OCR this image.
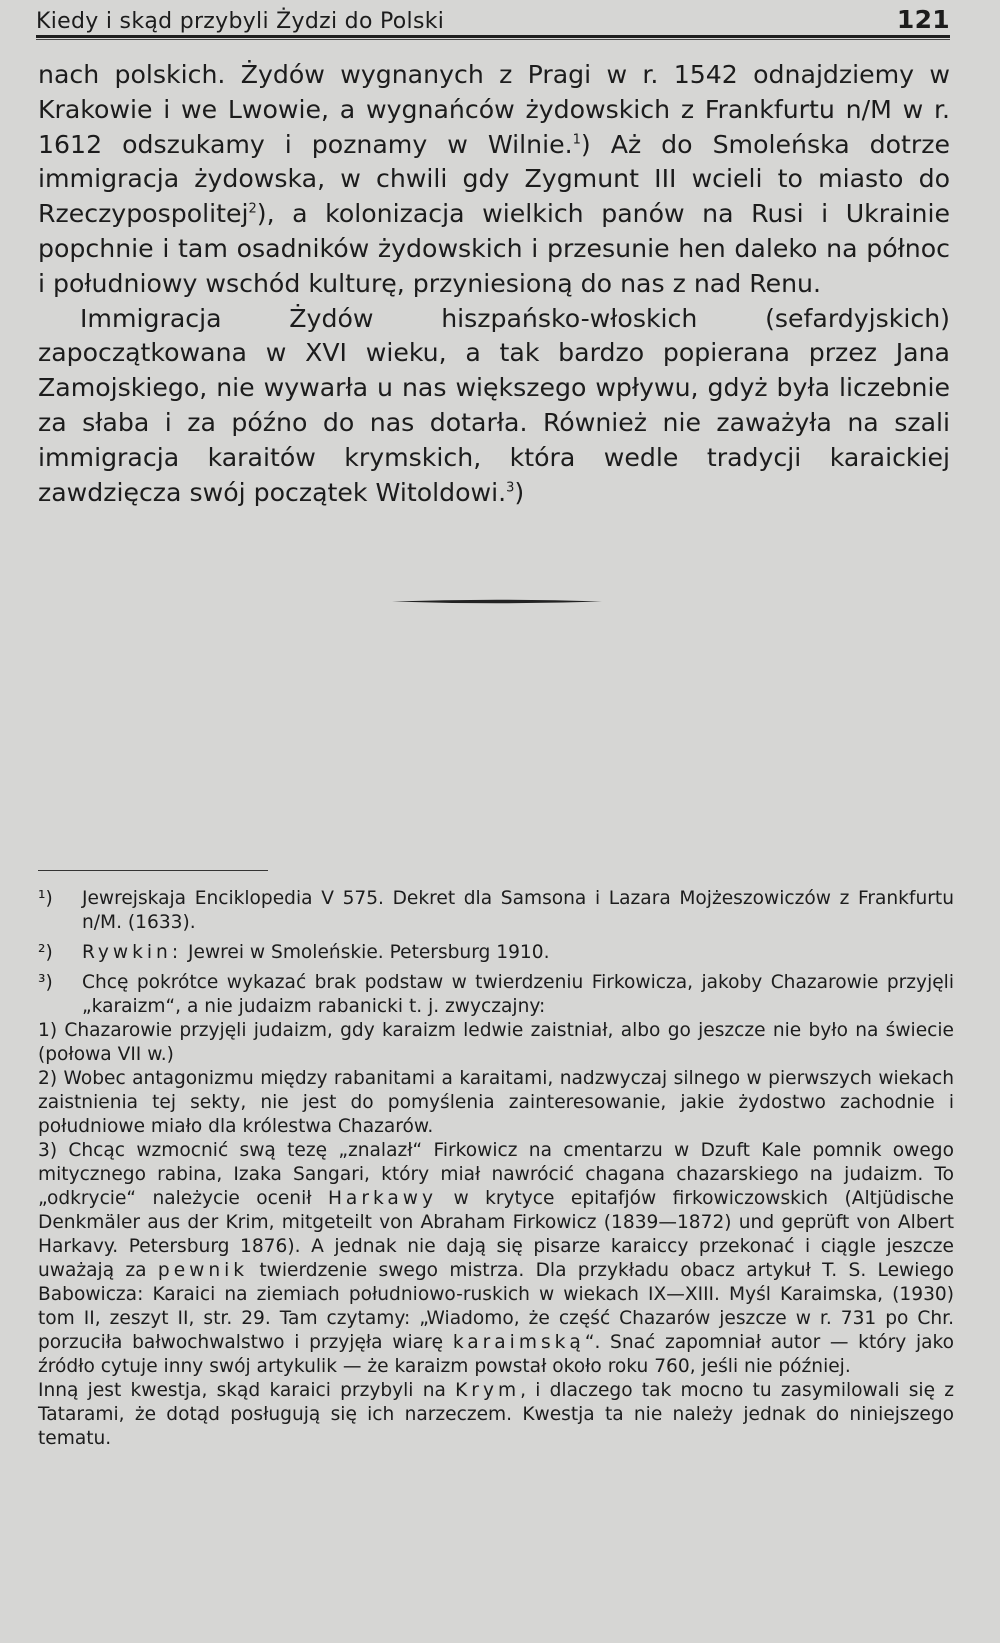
Kiedy i skąd przybyli Żydzi do Polski	121

nach polskich. Żydów wygnanych z Pragi w r. 1542 odnajdziemy w Krakowie i we Lwowie, a wygnańców żydowskich z Frankfurtu n/M w r. 1612 odszukamy i poznamy w Wilnie.$^1$) Aż do Smoleńska dotrze immigracja żydowska, w chwili gdy Zygmunt III wcieli to miasto do Rzeczypospolitej$^2$), a kolonizacja wielkich panów na Rusi i Ukrainie popchnie i tam osadników żydowskich i przesunie hen daleko na północ i południowy wschód kulturę, przyniesioną do nas z nad Renu.

Immigracja Żydów hiszpańsko-włoskich (sefardyjskich) zapoczątkowana w XVI wieku, a tak bardzo popierana przez Jana Zamojskiego, nie wywarła u nas większego wpływu, gdyż była liczebnie za słaba i za późno do nas dotarła. Również nie zaważyła na szali immigracja karaitów krymskich, która wedle tradycji karaickiej zawdzięcza swój początek Witoldowi.$^3$)

¹)	Jewrejskaja Enciklopedia V 575. Dekret dla Samsona i Lazara Mojżeszowiczów z Frankfurtu n/M. (1633).
²)	Rywkin: Jewrei w Smoleńskie. Petersburg 1910.
³)	Chcę pokrótce wykazać brak podstaw w twierdzeniu Firkowicza, jakoby Chazarowie przyjęli „karaizm“, a nie judaizm rabanicki t. j. zwyczajny:

1) Chazarowie przyjęli judaizm, gdy karaizm ledwie zaistniał, albo go jeszcze nie było na świecie (połowa VII w.)

2) Wobec antagonizmu między rabanitami a karaitami, nadzwyczaj silnego w pierwszych wiekach zaistnienia tej sekty, nie jest do pomyślenia zainteresowanie, jakie żydostwo zachodnie i południowe miało dla królestwa Chazarów.

3) Chcąc wzmocnić swą tezę „znalazł“ Firkowicz na cmentarzu w Dzuft Kale pomnik owego mitycznego rabina, Izaka Sangari, który miał nawrócić chagana chazarskiego na judaizm. To „odkrycie“ należycie ocenił Harkawy w krytyce epitafjów firkowiczowskich (Altjüdische Denkmäler aus der Krim, mitgeteilt von Abraham Firkowicz (1839—1872) und geprüft von Albert Harkavy. Petersburg 1876). A jednak nie dają się pisarze karaiccy przekonać i ciągle jeszcze uważają za pewnik twierdzenie swego mistrza. Dla przykładu obacz artykuł T. S. Lewiego Babowicza: Karaici na ziemiach południowo-ruskich w wiekach IX—XIII. Myśl Karaimska, (1930) tom II, zeszyt II, str. 29. Tam czytamy: „Wiadomo, że część Chazarów jeszcze w r. 731 po Chr. porzuciła bałwochwalstwo i przyjęła wiarę karaimską“. Snać zapomniał autor — który jako źródło cytuje inny swój artykulik — że karaizm powstał około roku 760, jeśli nie później.

Inną jest kwestja, skąd karaici przybyli na Krym, i dlaczego tak mocno tu zasymilowali się z Tatarami, że dotąd posługują się ich narzeczem. Kwestja ta nie należy jednak do niniejszego tematu.
